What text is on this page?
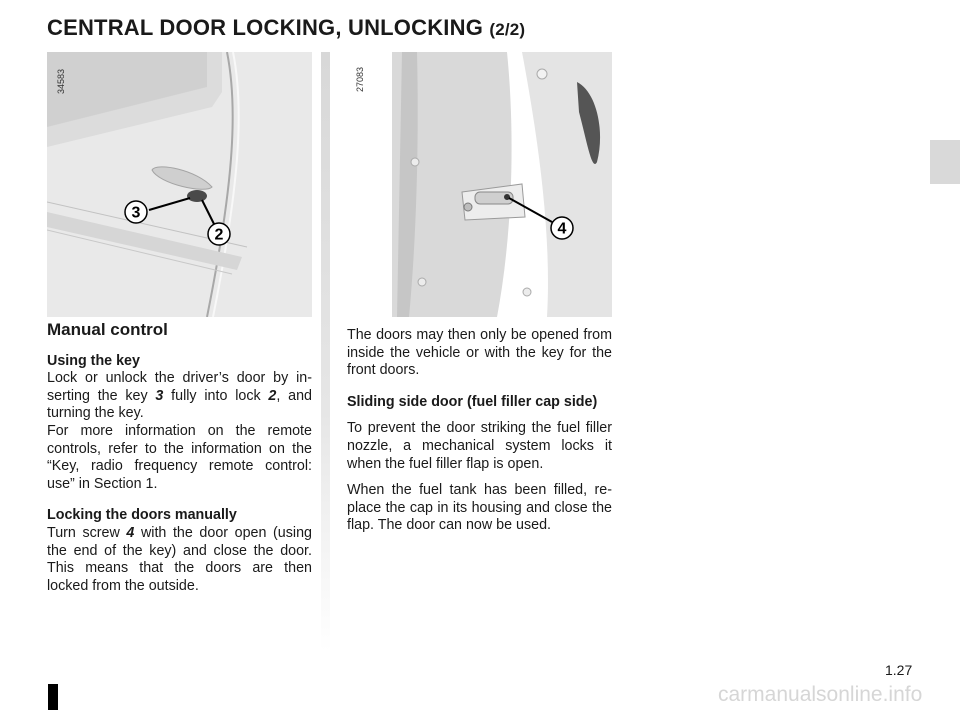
CENTRAL DOOR LOCKING, UNLOCKING (2/2)
34583
3
2
27083
4
Manual control
Using the key
Lock or unlock the driver’s door by in-serting the key 3 fully into lock 2, and turning the key.
For more information on the remote controls, refer to the information on the “Key, radio frequency remote control: use” in Section 1.
Locking the doors manually
Turn screw 4 with the door open (using the end of the key) and close the door. This means that the doors are then locked from the outside.
The doors may then only be opened from inside the vehicle or with the key for the front doors.
Sliding side door (fuel filler cap side)
To prevent the door striking the fuel filler nozzle, a mechanical system locks it when the fuel filler flap is open.
When the fuel tank has been filled, re-place the cap in its housing and close the flap. The door can now be used.
1.27
carmanualsonline.info
